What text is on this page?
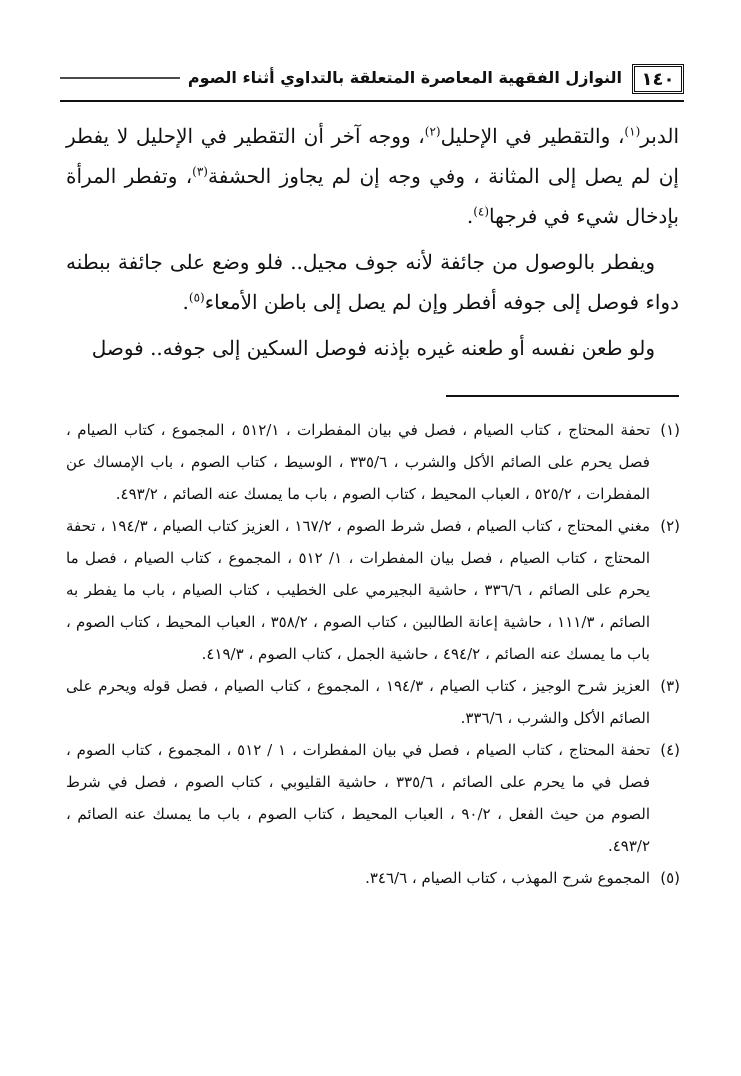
١٤٠
النوازل الفقهية المعاصرة المتعلقة بالتداوي أثناء الصوم

الدبر$^{(١)}$، والتقطير في الإحليل$^{(٢)}$، ووجه آخر أن التقطير في الإحليل لا يفطر إن لم يصل إلى المثانة ، وفي وجه إن لم يجاوز الحشفة$^{(٣)}$، وتفطر المرأة بإدخال شيء في فرجها$^{(٤)}$.

ويفطر بالوصول من جائفة لأنه جوف مجيل.. فلو وضع على جائفة ببطنه دواء فوصل إلى جوفه أفطر وإن لم يصل إلى باطن الأمعاء$^{(٥)}$.

ولو طعن نفسه أو طعنه غيره بإذنه فوصل السكين إلى جوفه.. فوصل

(١)
تحفة المحتاج ، كتاب الصيام ، فصل في بيان المفطرات ، ٥١٢/١ ، المجموع ، كتاب الصيام ، فصل يحرم على الصائم الأكل والشرب ، ٣٣٥/٦ ، الوسيط ، كتاب الصوم ، باب الإمساك عن المفطرات ، ٥٢٥/٢ ، العباب المحيط ، كتاب الصوم ، باب ما يمسك عنه الصائم ، ٤٩٣/٢.
(٢)
مغني المحتاج ، كتاب الصيام ، فصل شرط الصوم ، ١٦٧/٢ ، العزيز كتاب الصيام ، ١٩٤/٣ ، تحفة المحتاج ، كتاب الصيام ، فصل بيان المفطرات ، ١/ ٥١٢ ، المجموع ، كتاب الصيام ، فصل ما يحرم على الصائم ، ٣٣٦/٦ ، حاشية البجيرمي على الخطيب ، كتاب الصيام ، باب ما يفطر به الصائم ، ١١١/٣ ، حاشية إعانة الطالبين ، كتاب الصوم ، ٣٥٨/٢ ، العباب المحيط ، كتاب الصوم ، باب ما يمسك عنه الصائم ، ٤٩٤/٢ ، حاشية الجمل ، كتاب الصوم ، ٤١٩/٣.
(٣)
العزيز شرح الوجيز ، كتاب الصيام ، ١٩٤/٣ ، المجموع ، كتاب الصيام ، فصل قوله ويحرم على الصائم الأكل والشرب ، ٣٣٦/٦.
(٤)
تحفة المحتاج ، كتاب الصيام ، فصل في بيان المفطرات ، ١ / ٥١٢ ، المجموع ، كتاب الصوم ، فصل في ما يحرم على الصائم ، ٣٣٥/٦ ، حاشية القليوبي ، كتاب الصوم ، فصل في شرط الصوم من حيث الفعل ، ٩٠/٢ ، العباب المحيط ، كتاب الصوم ، باب ما يمسك عنه الصائم ، ٤٩٣/٢.
(٥)
المجموع شرح المهذب ، كتاب الصيام ، ٣٤٦/٦.
